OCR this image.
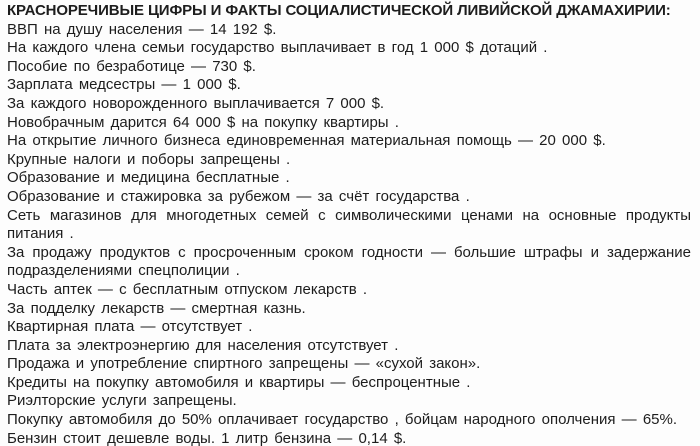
КРАСНОРЕЧИВЫЕ ЦИФРЫ И ФАКТЫ СОЦИАЛИСТИЧЕСКОЙ ЛИВИЙСКОЙ ДЖАМАХИРИИ:

ВВП на душу населения — 14 192 $.

На каждого члена семьи государство выплачивает в год 1 000 $ дотаций .

Пособие по безработице — 730 $.

Зарплата медсестры — 1 000 $.

За каждого новорожденного выплачивается 7 000 $.

Новобрачным дарится 64 000 $ на покупку квартиры .

На открытие личного бизнеса единовременная материальная помощь — 20 000 $.

Крупные налоги и поборы запрещены .

Образование и медицина бесплатные .

Образование и стажировка за рубежом — за счёт государства .

Сеть магазинов для многодетных семей с символическими ценами на основные продукты питания .

За продажу продуктов с просроченным сроком годности — большие штрафы и задержание подразделениями спецполиции .

Часть аптек — с бесплатным отпуском лекарств .

За подделку лекарств — смертная казнь.

Квартирная плата — отсутствует .

Плата за электроэнергию для населения отсутствует .

Продажа и употребление спиртного запрещены — «сухой закон».

Кредиты на покупку автомобиля и квартиры — беспроцентные .

Риэлторские услуги запрещены.

Покупку автомобиля до 50% оплачивает государство , бойцам народного ополчения — 65%.

Бензин стоит дешевле воды. 1 литр бензина — 0,14 $.
